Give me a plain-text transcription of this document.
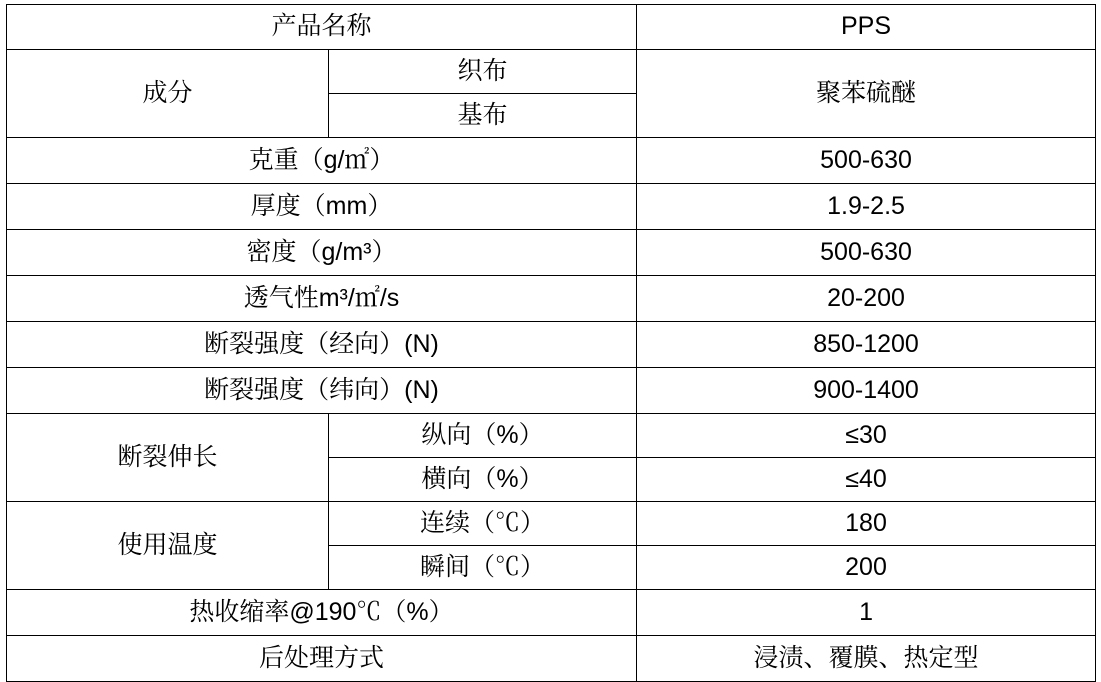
产品名称		PPS
成分	织布	聚苯硫醚
	基布	
克重（g/㎡）		500-630
厚度（mm）		1.9-2.5
密度（g/m³）		500-630
透气性m³/㎡/s		20-200
断裂强度（经向）(N)		850-1200
断裂强度（纬向）(N)		900-1400
断裂伸长	纵向（%）	≤30
	横向（%）	≤40
使用温度	连续（℃）	180
	瞬间（℃）	200
热收缩率@190℃（%）		1
后处理方式		浸渍、覆膜、热定型
